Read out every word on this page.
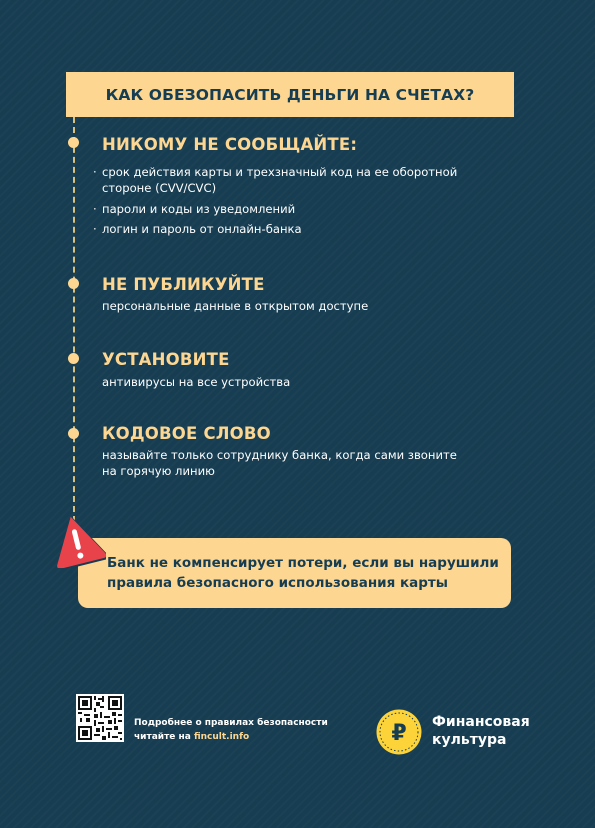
КАК ОБЕЗОПАСИТЬ ДЕНЬГИ НА СЧЕТАХ?
НИКОМУ НЕ СООБЩАЙТЕ:
· срок действия карты и трехзначный код на ее оборотной стороне (CVV/CVC)
· пароли и коды из уведомлений
· логин и пароль от онлайн-банка
НЕ ПУБЛИКУЙТЕ
персональные данные в открытом доступе
УСТАНОВИТЕ
антивирусы на все устройства
КОДОВОЕ СЛОВО
называйте только сотруднику банка, когда сами звоните
на горячую линию
Банк не компенсирует потери, если вы нарушили
правила безопасного использования карты
Подробнее о правилах безопасности
читайте на fincult.info	₽ Финансовая
культура
